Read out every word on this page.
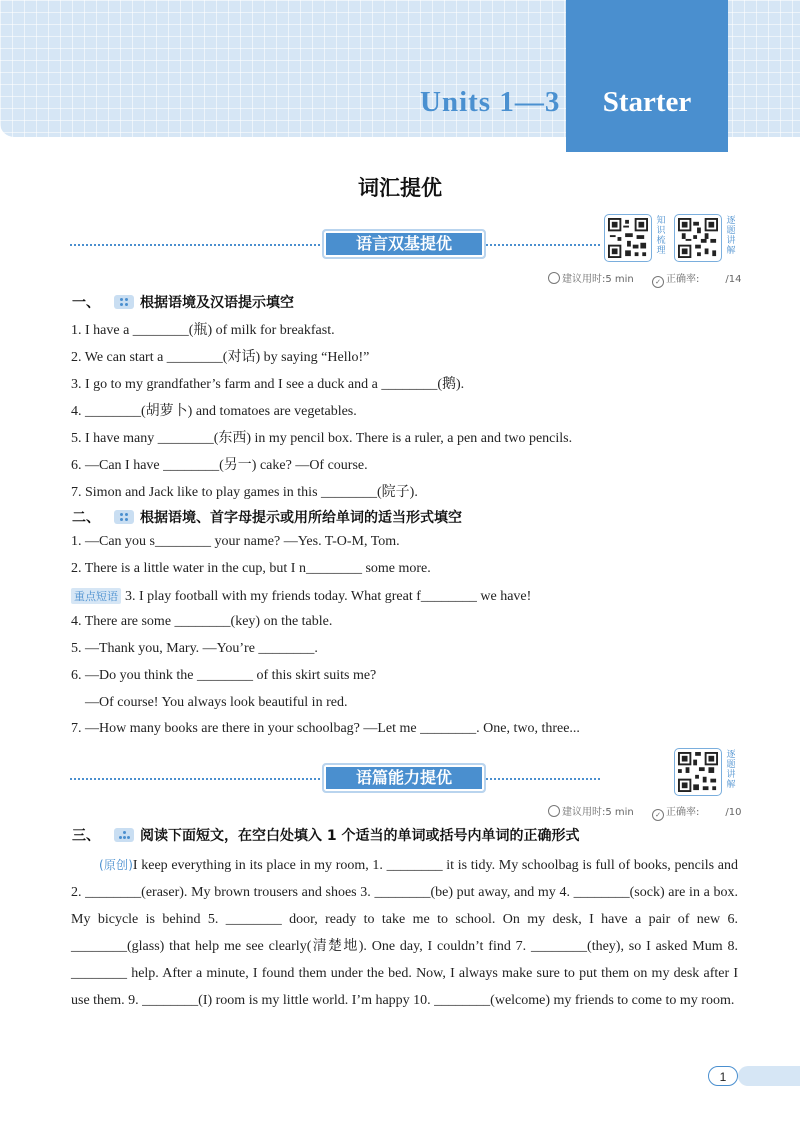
Units 1—3	Starter
词汇提优
语言双基提优
知识梳理
逐题讲解
建议用时:5 min	✓ 正确率:	/14
一、	根据语境及汉语提示填空
1. I have a ________(瓶) of milk for breakfast.
2. We can start a ________(对话) by saying “Hello!”
3. I go to my grandfather’s farm and I see a duck and a ________(鹅).
4. ________(胡萝卜) and tomatoes are vegetables.
5. I have many ________(东西) in my pencil box. There is a ruler, a pen and two pencils.
6. —Can I have ________(另一) cake? —Of course.
7. Simon and Jack like to play games in this ________(院子).
二、	根据语境、首字母提示或用所给单词的适当形式填空
1. —Can you s________ your name? —Yes. T-O-M, Tom.
2. There is a little water in the cup, but I n________ some more.
重点短语 3. I play football with my friends today. What great f________ we have!
4. There are some ________(key) on the table.
5. —Thank you, Mary. —You’re ________.
6. —Do you think the ________ of this skirt suits me?
—Of course! You always look beautiful in red.
7. —How many books are there in your schoolbag? —Let me ________. One, two, three...
语篇能力提优
逐题讲解
建议用时:5 min	✓ 正确率:	/10
三、	阅读下面短文，在空白处填入 1 个适当的单词或括号内单词的正确形式
(原创)I keep everything in its place in my room, 1. ________ it is tidy. My schoolbag is full of books, pencils and 2. ________(eraser). My brown trousers and shoes 3. ________(be) put away, and my 4. ________(sock) are in a box. My bicycle is behind 5. ________ door, ready to take me to school. On my desk, I have a pair of new 6. ________(glass) that help me see clearly(清楚地). One day, I couldn’t find 7. ________(they), so I asked Mum 8. ________ help. After a minute, I found them under the bed. Now, I always make sure to put them on my desk after I use them. 9. ________(I) room is my little world. I’m happy 10. ________(welcome) my friends to come to my room.
1
